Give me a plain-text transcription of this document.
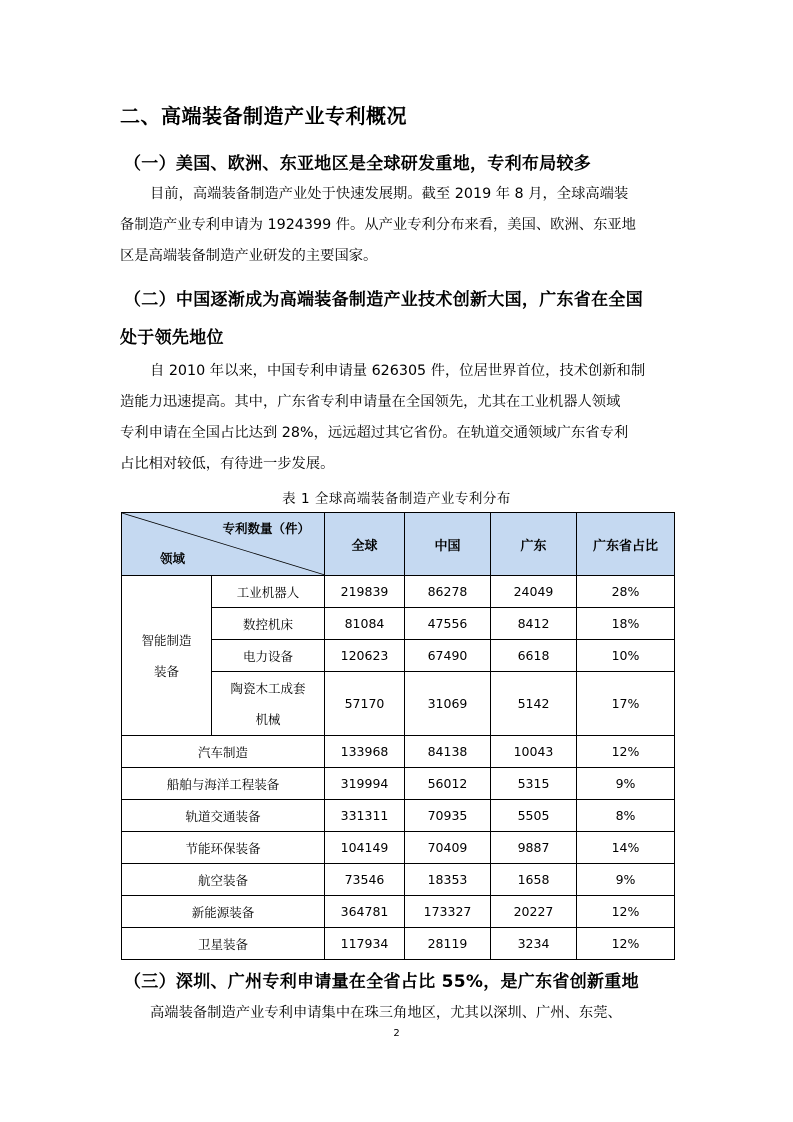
二、高端装备制造产业专利概况
（一）美国、欧洲、东亚地区是全球研发重地，专利布局较多
目前，高端装备制造产业处于快速发展期。截至 2019 年 8 月，全球高端装
备制造产业专利申请为 1924399 件。从产业专利分布来看，美国、欧洲、东亚地
区是高端装备制造产业研发的主要国家。
（二）中国逐渐成为高端装备制造产业技术创新大国，广东省在全国
处于领先地位
自 2010 年以来，中国专利申请量 626305 件，位居世界首位，技术创新和制
造能力迅速提高。其中，广东省专利申请量在全国领先，尤其在工业机器人领域
专利申请在全国占比达到 28%，远远超过其它省份。在轨道交通领域广东省专利
占比相对较低，有待进一步发展。
表 1 全球高端装备制造产业专利分布
专利数量（件）
领域		全球	中国	广东	广东省占比

智能制造
装备	工业机器人	219839	86278	24049	28%
	数控机床	81084	47556	8412	18%
	电力设备	120623	67490	6618	10%

	陶瓷木工成套
机械	57170	31069	5142	17%
汽车制造		133968	84138	10043	12%
船舶与海洋工程装备		319994	56012	5315	9%
轨道交通装备		331311	70935	5505	8%
节能环保装备		104149	70409	9887	14%
航空装备		73546	18353	1658	9%
新能源装备		364781	173327	20227	12%
卫星装备		117934	28119	3234	12%
（三）深圳、广州专利申请量在全省占比 55%，是广东省创新重地
高端装备制造产业专利申请集中在珠三角地区，尤其以深圳、广州、东莞、
2
